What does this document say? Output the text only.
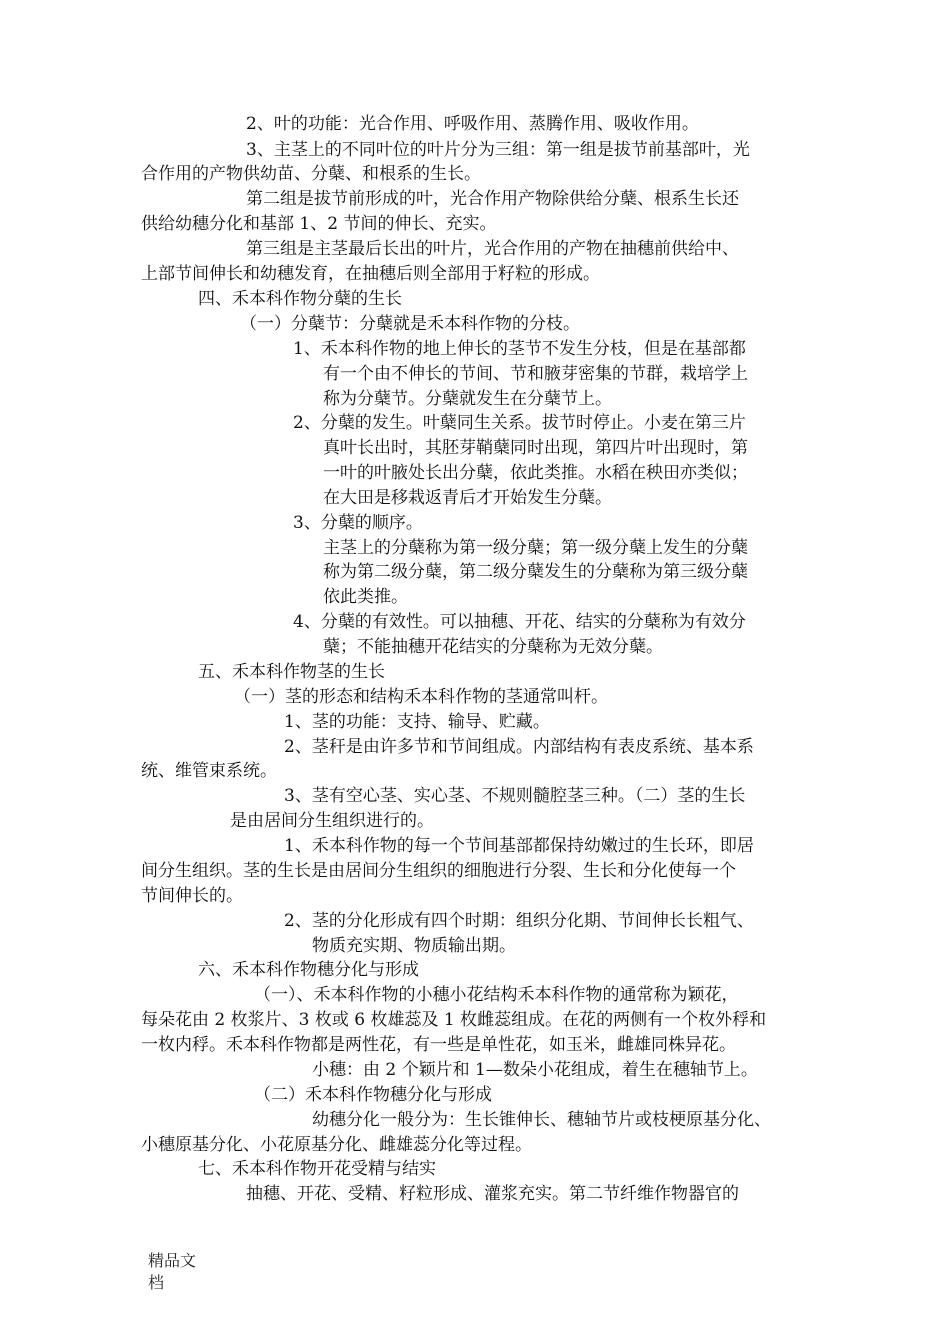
2、叶的功能：光合作用、呼吸作用、蒸腾作用、吸收作用。

3、主茎上的不同叶位的叶片分为三组：第一组是拔节前基部叶，光

合作用的产物供幼苗、分蘖、和根系的生长。

第二组是拔节前形成的叶，光合作用产物除供给分蘖、根系生长还

供给幼穗分化和基部 1、2 节间的伸长、充实。

第三组是主茎最后长出的叶片，光合作用的产物在抽穗前供给中、

上部节间伸长和幼穗发育，在抽穗后则全部用于籽粒的形成。

四、禾本科作物分蘖的生长

（一）分蘖节：分蘖就是禾本科作物的分枝。

1、禾本科作物的地上伸长的茎节不发生分枝，但是在基部都

有一个由不伸长的节间、节和腋芽密集的节群，栽培学上

称为分蘖节。分蘖就发生在分蘖节上。

2、分蘖的发生。叶蘖同生关系。拔节时停止。小麦在第三片

真叶长出时，其胚芽鞘蘖同时出现，第四片叶出现时，第

一叶的叶腋处长出分蘖，依此类推。水稻在秧田亦类似；

在大田是移栽返青后才开始发生分蘖。

3、分蘖的顺序。

主茎上的分蘖称为第一级分蘖；第一级分蘖上发生的分蘖

称为第二级分蘖，第二级分蘖发生的分蘖称为第三级分蘖

依此类推。

4、分蘖的有效性。可以抽穗、开花、结实的分蘖称为有效分

蘖；不能抽穗开花结实的分蘖称为无效分蘖。

五、禾本科作物茎的生长

（一）茎的形态和结构禾本科作物的茎通常叫杆。

1、茎的功能：支持、输导、贮藏。

2、茎秆是由许多节和节间组成。内部结构有表皮系统、基本系

统、维管束系统。

3、茎有空心茎、实心茎、不规则髓腔茎三种。（二）茎的生长

是由居间分生组织进行的。

1、禾本科作物的每一个节间基部都保持幼嫩过的生长环，即居

间分生组织。茎的生长是由居间分生组织的细胞进行分裂、生长和分化使每一个

节间伸长的。

2、茎的分化形成有四个时期：组织分化期、节间伸长长粗气、

物质充实期、物质输出期。

六、禾本科作物穗分化与形成

（一）、禾本科作物的小穗小花结构禾本科作物的通常称为颖花，

每朵花由 2 枚浆片、3 枚或 6 枚雄蕊及 1 枚雌蕊组成。在花的两侧有一个枚外稃和

一枚内稃。禾本科作物都是两性花，有一些是单性花，如玉米，雌雄同株异花。

小穗：由 2 个颖片和 1—数朵小花组成，着生在穗轴节上。

（二）禾本科作物穗分化与形成

幼穗分化一般分为：生长锥伸长、穗轴节片或枝梗原基分化、

小穗原基分化、小花原基分化、雌雄蕊分化等过程。

七、禾本科作物开花受精与结实

抽穗、开花、受精、籽粒形成、灌浆充实。第二节纤维作物器官的

精品文
档
